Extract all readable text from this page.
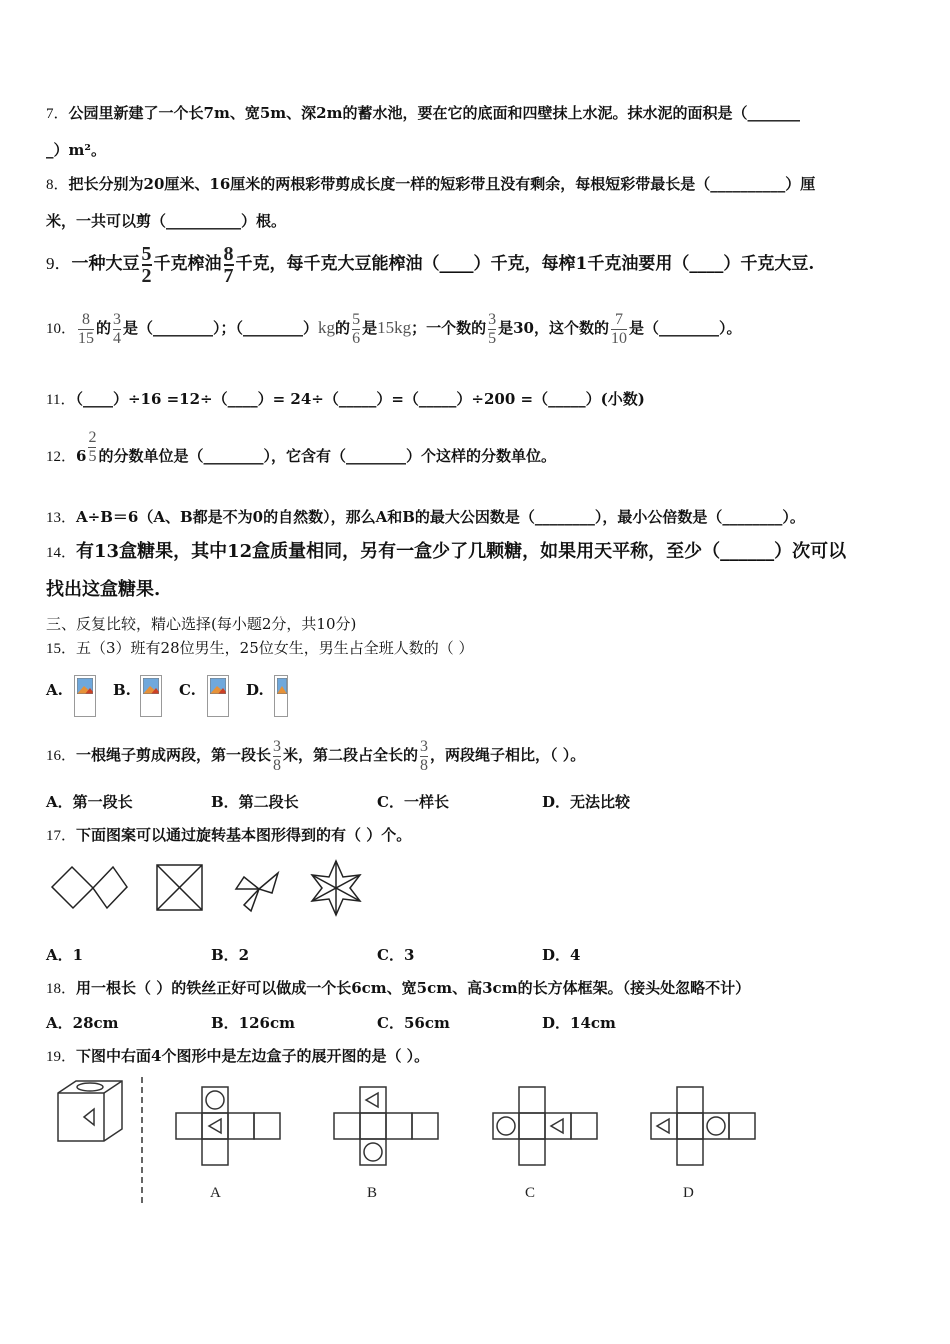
7．公园里新建了一个长7m、宽5m、深2m的蓄水池，要在它的底面和四壁抹上水泥。抹水泥的面积是（_______
_）m²。
8．把长分别为20厘米、16厘米的两根彩带剪成长度一样的短彩带且没有剩余，每根短彩带最长是（__________）厘
米，一共可以剪（__________）根。
9．一种大豆 $\frac{5}{2}$ 千克榨油 $\frac{8}{7}$ 千克，每千克大豆能榨油（____）千克，每榨1千克油要用（____）千克大豆.
10． $\frac{8}{15}$ 的 $\frac{3}{4}$ 是（________）；（________）kg的 $\frac{5}{6}$ 是15kg；一个数的 $\frac{3}{5}$ 是30，这个数的 $\frac{7}{10}$ 是（________）。
11．（____）÷16 =12÷（____）= 24÷（_____）=（_____）÷200 =（_____）(小数)
12．$6 \frac{2}{5}$ 的分数单位是（________），它含有（________）个这样的分数单位。
13．A÷B＝6（A、B都是不为0的自然数），那么A和B的最大公因数是（________），最小公倍数是（________）。
14．有13盒糖果，其中12盒质量相同，另有一盒少了几颗糖，如果用天平称，至少（______）次可以
找出这盒糖果.
三、反复比较，精心选择(每小题2分，共10分)
15．五（3）班有28位男生，25位女生，男生占全班人数的（ ）
A.	B.	C.	D.
16．一根绳子剪成两段，第一段长 $\frac{3}{8}$ 米，第二段占全长的 $\frac{3}{8}$ ，两段绳子相比，（ ）。
A．第一段长	B．第二段长	C．一样长	D．无法比较
17．下面图案可以通过旋转基本图形得到的有（ ）个。
A．1	B．2	C．3	D．4
18．用一根长（ ）的铁丝正好可以做成一个长6cm、宽5cm、高3cm的长方体框架。（接头处忽略不计）
A．28cm	B．126cm	C．56cm	D．14cm
19．下图中右面4个图形中是左边盒子的展开图的是（ ）。
A	B	C	D
